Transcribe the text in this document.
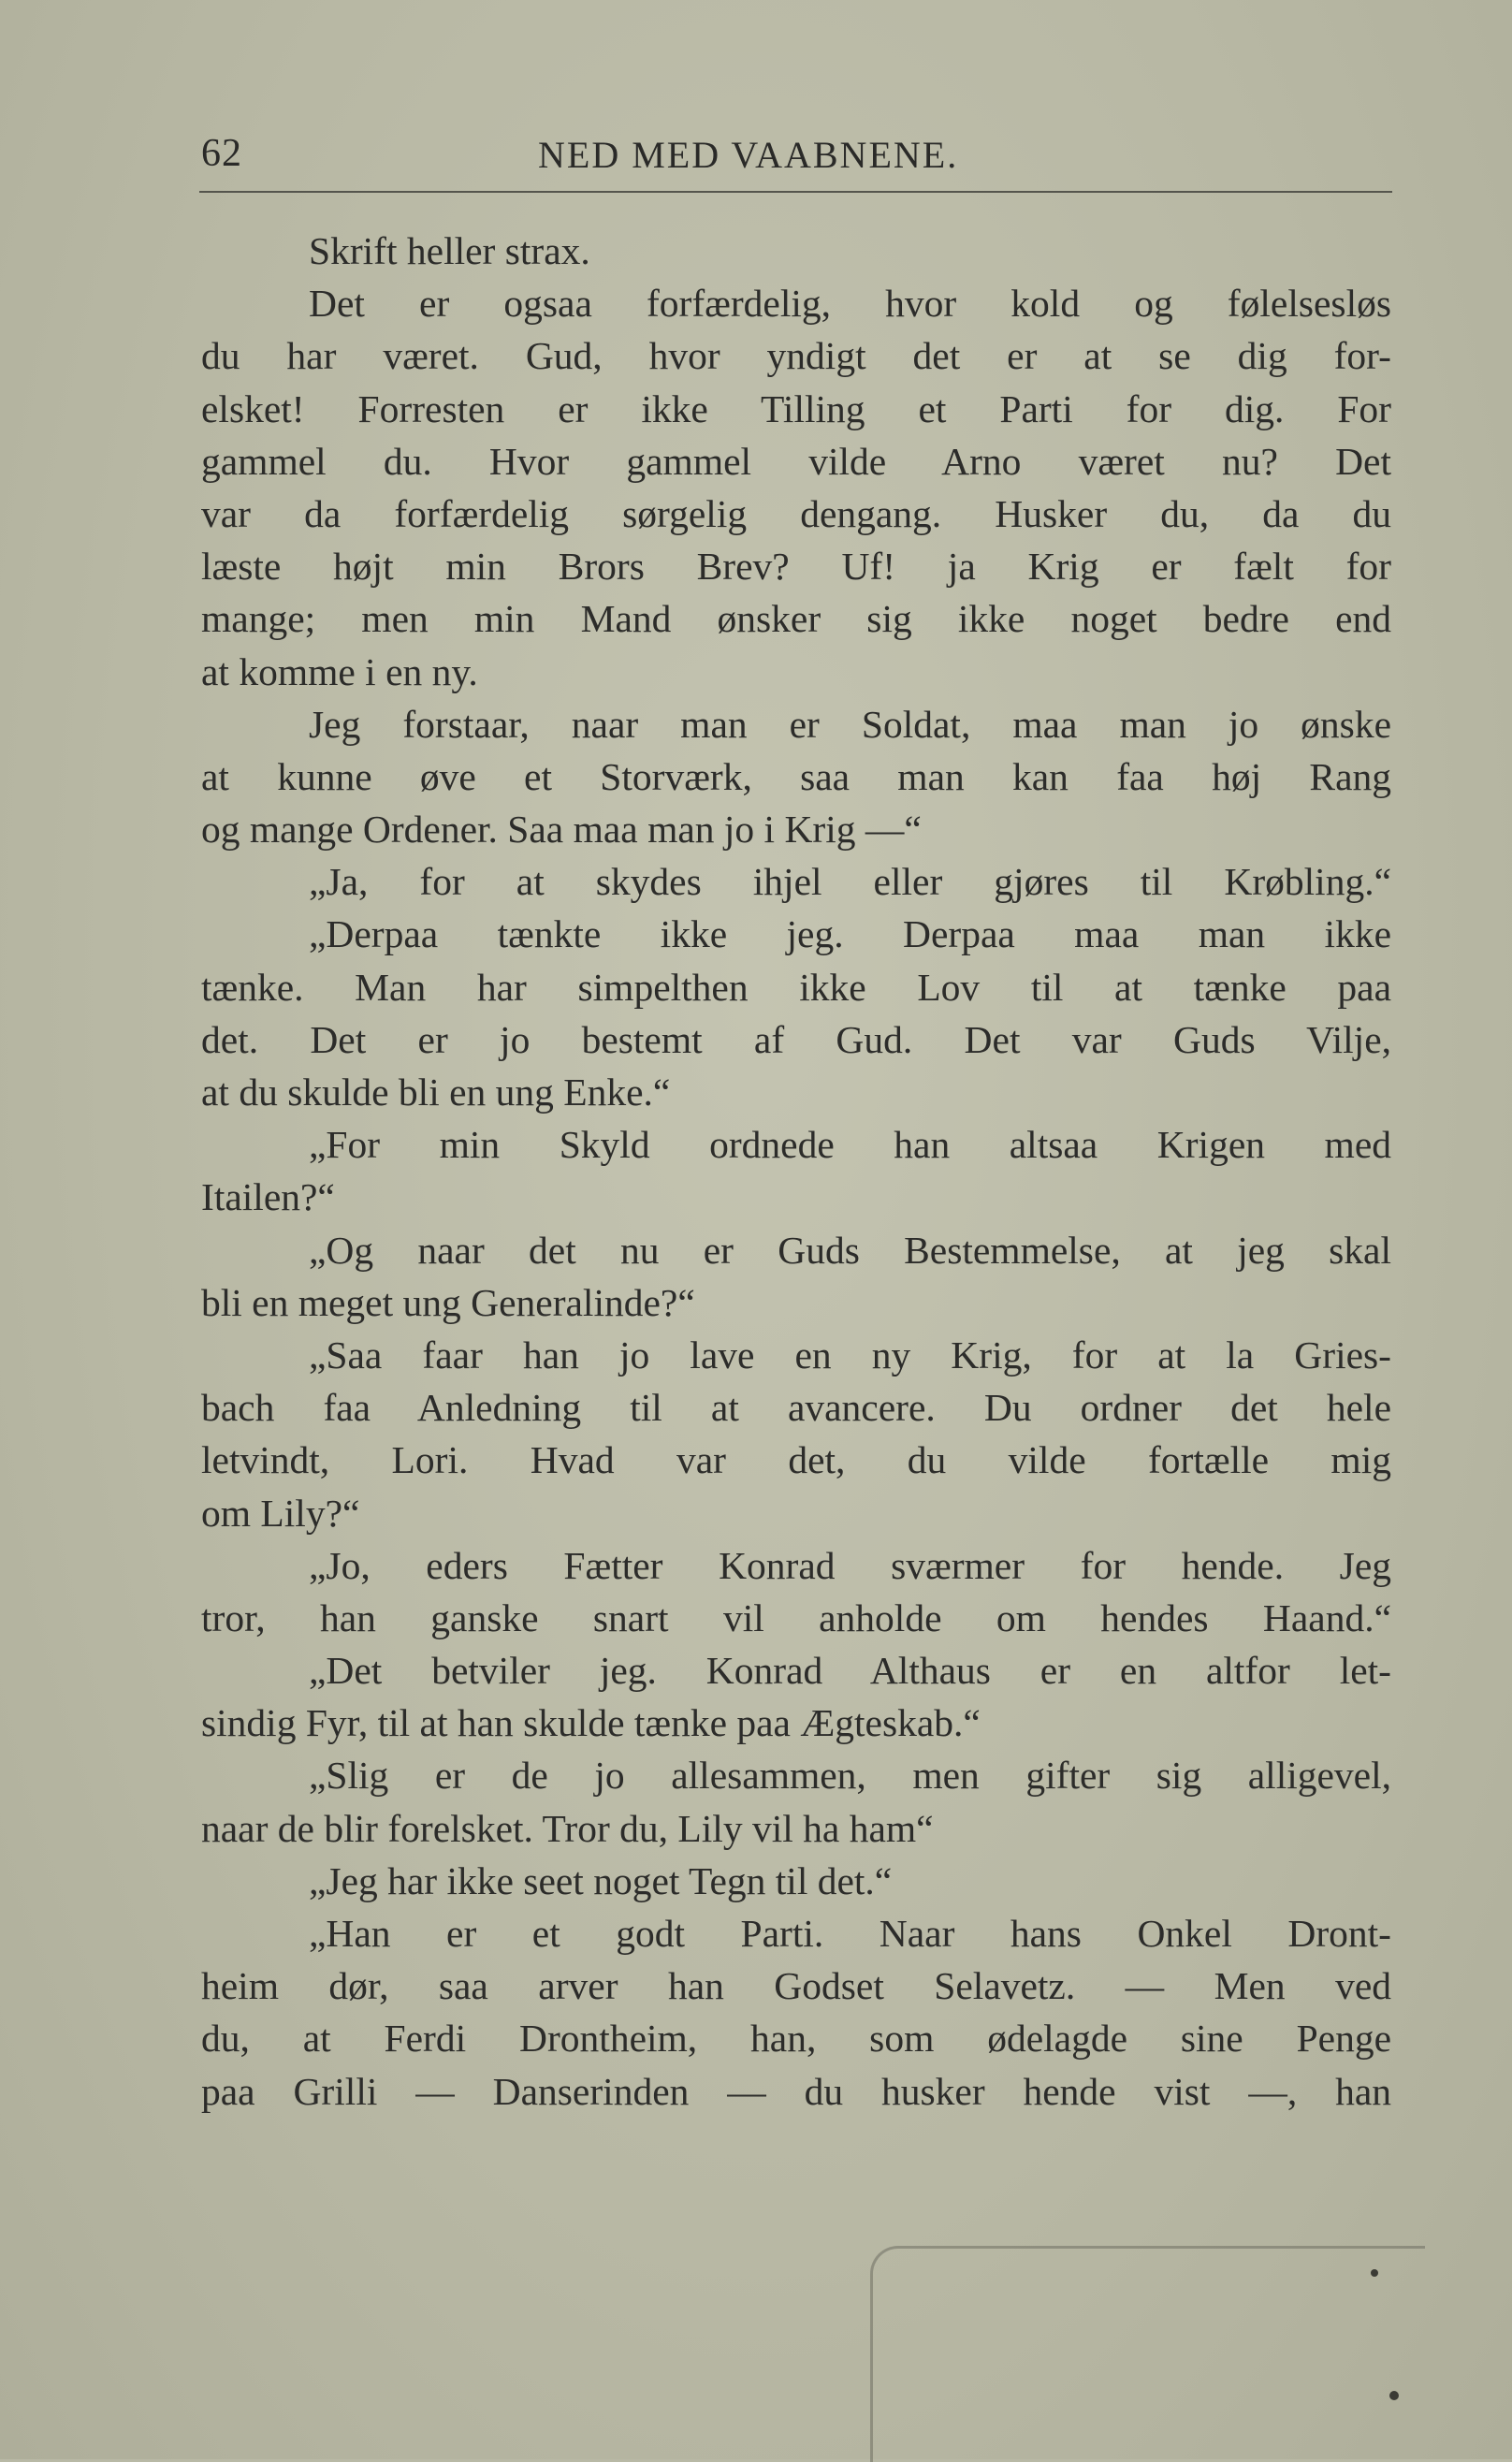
62	NED MED VAABNENE.
Skrift heller strax.
Det er ogsaa forfærdelig, hvor kold og følelsesløs
du har været. Gud, hvor yndigt det er at se dig for-
elsket! Forresten er ikke Tilling et Parti for dig. For
gammel du. Hvor gammel vilde Arno været nu? Det
var da forfærdelig sørgelig dengang. Husker du, da du
læste højt min Brors Brev? Uf! ja Krig er fælt for
mange; men min Mand ønsker sig ikke noget bedre end
at komme i en ny.
Jeg forstaar, naar man er Soldat, maa man jo ønske
at kunne øve et Storværk, saa man kan faa høj Rang
og mange Ordener. Saa maa man jo i Krig —“
„Ja, for at skydes ihjel eller gjøres til Krøbling.“
„Derpaa tænkte ikke jeg. Derpaa maa man ikke
tænke. Man har simpelthen ikke Lov til at tænke paa
det. Det er jo bestemt af Gud. Det var Guds Vilje,
at du skulde bli en ung Enke.“
„For min Skyld ordnede han altsaa Krigen med
Itailen?“
„Og naar det nu er Guds Bestemmelse, at jeg skal
bli en meget ung Generalinde?“
„Saa faar han jo lave en ny Krig, for at la Gries-
bach faa Anledning til at avancere. Du ordner det hele
letvindt, Lori. Hvad var det, du vilde fortælle mig
om Lily?“
„Jo, eders Fætter Konrad sværmer for hende. Jeg
tror, han ganske snart vil anholde om hendes Haand.“
„Det betviler jeg. Konrad Althaus er en altfor let-
sindig Fyr, til at han skulde tænke paa Ægteskab.“
„Slig er de jo allesammen, men gifter sig alligevel,
naar de blir forelsket. Tror du, Lily vil ha ham“
„Jeg har ikke seet noget Tegn til det.“
„Han er et godt Parti. Naar hans Onkel Dront-
heim dør, saa arver han Godset Selavetz. — Men ved
du, at Ferdi Drontheim, han, som ødelagde sine Penge
paa Grilli — Danserinden — du husker hende vist —, han
